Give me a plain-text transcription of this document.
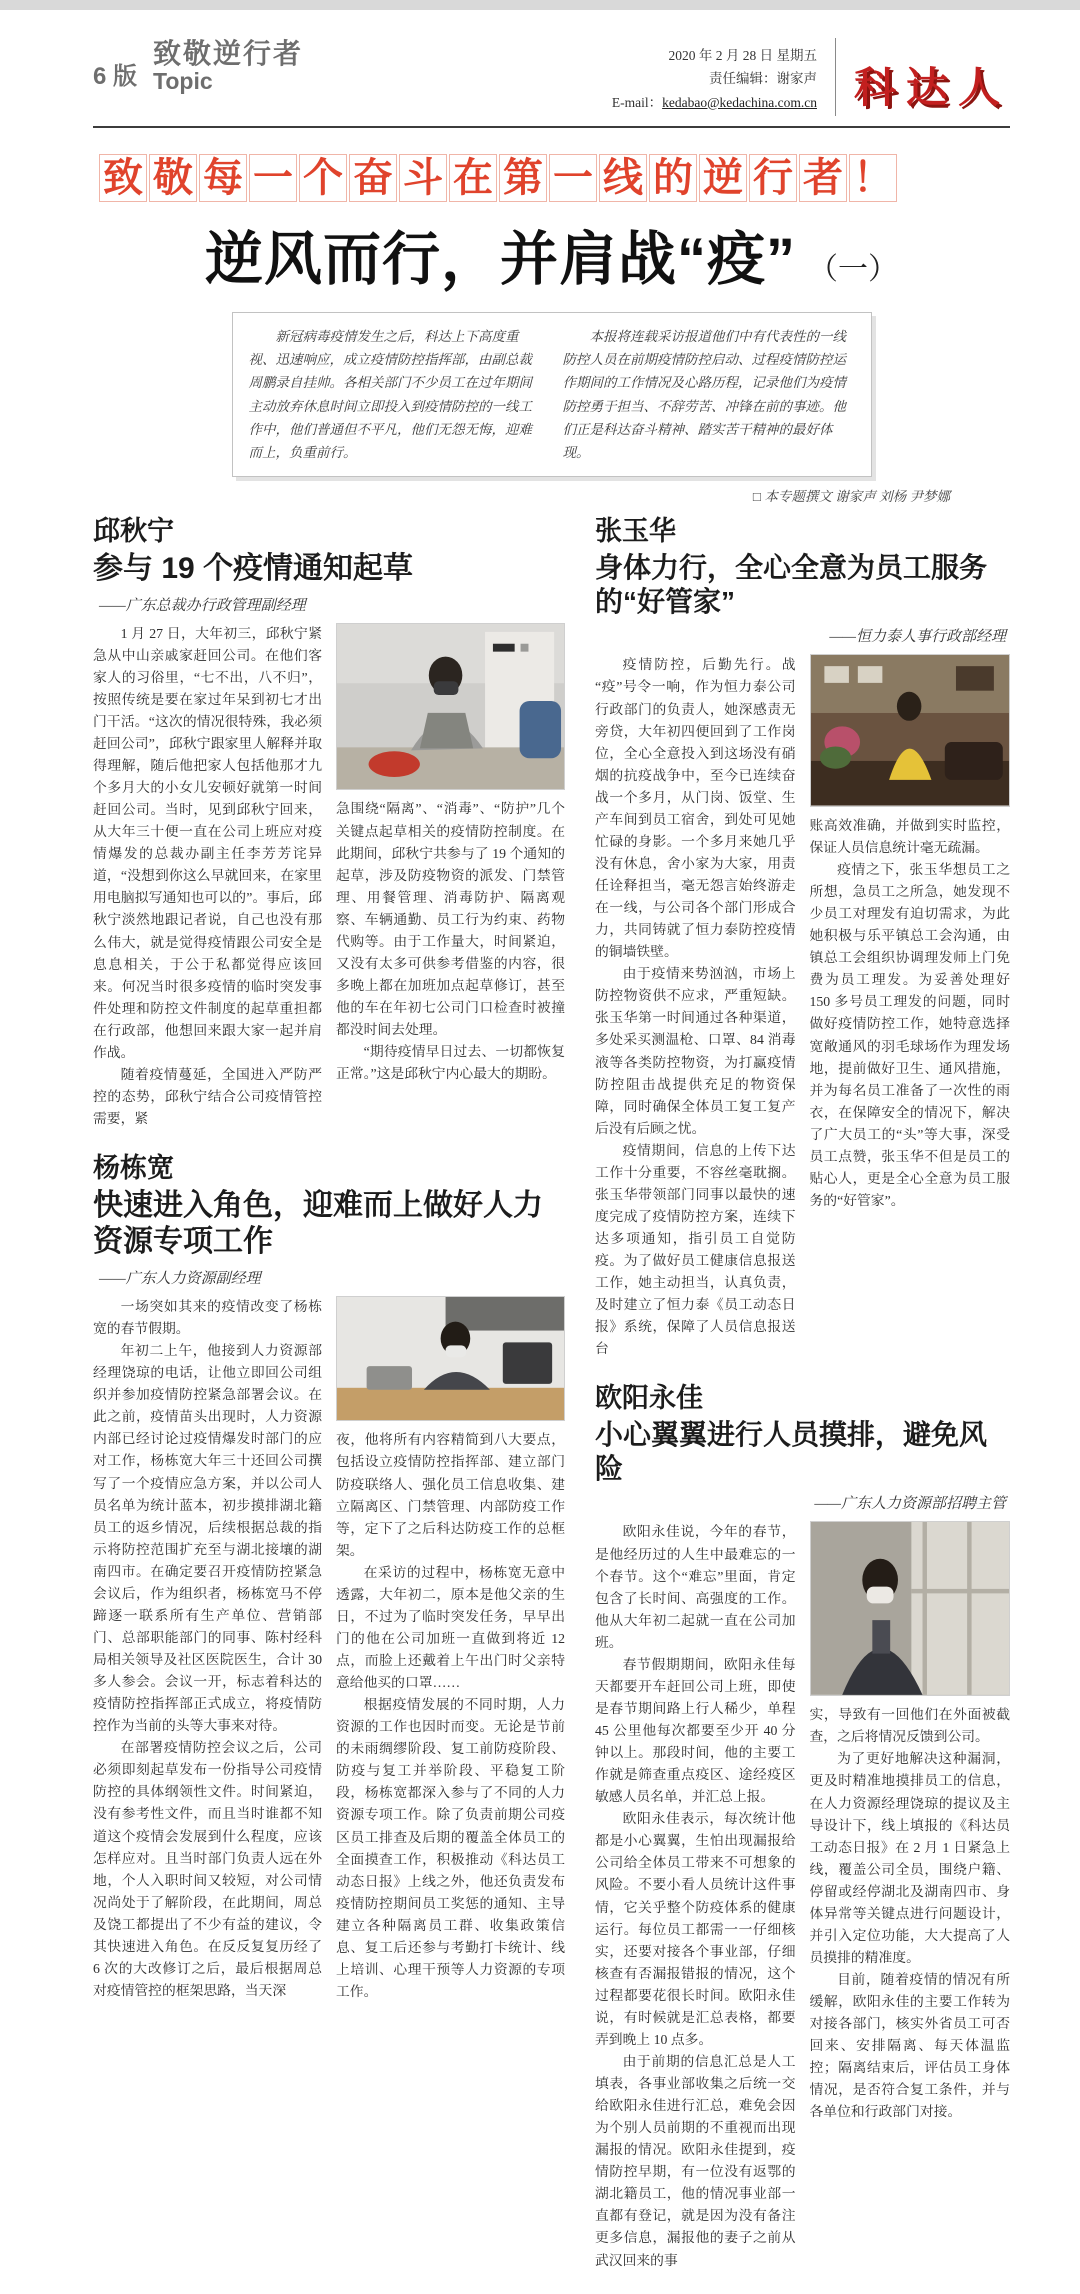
6 版
致敬逆行者
Topic
2020 年 2 月 28 日 星期五
责任编辑：谢家声
E-mail：kedabao@kedachina.com.cn 科达人
致 敬 每 一 个 奋 斗 在 第 一 线 的 逆 行 者 ！
逆风而行，并肩战“疫” （一）
新冠病毒疫情发生之后，科达上下高度重视、迅速响应，成立疫情防控指挥部，由副总裁周鹏录自挂帅。各相关部门不少员工在过年期间主动放弃休息时间立即投入到疫情防控的一线工作中，他们普通但不平凡，他们无怨无悔，迎难而上，负重前行。
本报将连载采访报道他们中有代表性的一线防控人员在前期疫情防控启动、过程疫情防控运作期间的工作情况及心路历程，记录他们为疫情防控勇于担当、不辞劳苦、冲锋在前的事迹。他们正是科达奋斗精神、踏实苦干精神的最好体现。
□ 本专题撰文 谢家声 刘杨 尹梦娜
邱秋宁
参与 19 个疫情通知起草
——广东总裁办行政管理副经理

1 月 27 日，大年初三，邱秋宁紧急从中山亲戚家赶回公司。在他们客家人的习俗里，“七不出，八不归”，按照传统是要在家过年呆到初七才出门干活。“这次的情况很特殊，我必须赶回公司”，邱秋宁跟家里人解释并取得理解，随后他把家人包括他那才九个多月大的小女儿安顿好就第一时间赶回公司。当时，见到邱秋宁回来，从大年三十便一直在公司上班应对疫情爆发的总裁办副主任李芳芳诧异道，“没想到你这么早就回来，在家里用电脑拟写通知也可以的”。事后，邱秋宁淡然地跟记者说，自己也没有那么伟大，就是觉得疫情跟公司安全是息息相关，于公于私都觉得应该回来。何况当时很多疫情的临时突发事件处理和防控文件制度的起草重担都在行政部，他想回来跟大家一起并肩作战。

随着疫情蔓延，全国进入严防严控的态势，邱秋宁结合公司疫情管控需要，紧

急围绕“隔离”、“消毒”、“防护”几个关键点起草相关的疫情防控制度。在此期间，邱秋宁共参与了 19 个通知的起草，涉及防疫物资的派发、门禁管理、用餐管理、消毒防护、隔离观察、车辆通勤、员工行为约束、药物代购等。由于工作量大，时间紧迫，又没有太多可供参考借鉴的内容，很多晚上都在加班加点起草修订，甚至他的车在年初七公司门口检查时被撞都没时间去处理。

“期待疫情早日过去、一切都恢复正常。”这是邱秋宁内心最大的期盼。

杨栋宽
快速进入角色，迎难而上做好人力资源专项工作
——广东人力资源副经理

一场突如其来的疫情改变了杨栋宽的春节假期。

年初二上午，他接到人力资源部经理饶琼的电话，让他立即回公司组织并参加疫情防控紧急部署会议。在此之前，疫情苗头出现时，人力资源内部已经讨论过疫情爆发时部门的应对工作，杨栋宽大年三十还回公司撰写了一个疫情应急方案，并以公司人员名单为统计蓝本，初步摸排湖北籍员工的返乡情况，后续根据总裁的指示将防控范围扩充至与湖北接壤的湖南四市。在确定要召开疫情防控紧急会议后，作为组织者，杨栋宽马不停蹄逐一联系所有生产单位、营销部门、总部职能部门的同事、陈村经科局相关领导及社区医院医生，合计 30 多人参会。会议一开，标志着科达的疫情防控指挥部正式成立，将疫情防控作为当前的头等大事来对待。

在部署疫情防控会议之后，公司必须即刻起草发布一份指导公司疫情防控的具体纲领性文件。时间紧迫，没有参考性文件，而且当时谁都不知道这个疫情会发展到什么程度，应该怎样应对。且当时部门负责人远在外地，个人入职时间又较短，对公司情况尚处于了解阶段，在此期间，周总及饶工都提出了不少有益的建议，令其快速进入角色。在反反复复历经了 6 次的大改修订之后，最后根据周总对疫情管控的框架思路，当天深

夜，他将所有内容精简到八大要点，包括设立疫情防控指挥部、建立部门防疫联络人、强化员工信息收集、建立隔离区、门禁管理、内部防疫工作等，定下了之后科达防疫工作的总框架。

在采访的过程中，杨栋宽无意中透露，大年初二，原本是他父亲的生日，不过为了临时突发任务，早早出门的他在公司加班一直做到将近 12 点，而脸上还戴着上午出门时父亲特意给他买的口罩……

根据疫情发展的不同时期，人力资源的工作也因时而变。无论是节前的未雨绸缪阶段、复工前防疫阶段、防疫与复工并举阶段、平稳复工阶段，杨栋宽都深入参与了不同的人力资源专项工作。除了负责前期公司疫区员工排查及后期的覆盖全体员工的全面摸查工作，积极推动《科达员工动态日报》上线之外，他还负责发布疫情防控期间员工奖惩的通知、主导建立各种隔离员工群、收集政策信息、复工后还参与考勤打卡统计、线上培训、心理干预等人力资源的专项工作。

张玉华
身体力行，全心全意为员工服务的“好管家”
——恒力泰人事行政部经理

疫情防控，后勤先行。战“疫”号令一响，作为恒力泰公司行政部门的负责人，她深感责无旁贷，大年初四便回到了工作岗位，全心全意投入到这场没有硝烟的抗疫战争中，至今已连续奋战一个多月，从门岗、饭堂、生产车间到员工宿舍，到处可见她忙碌的身影。一个多月来她几乎没有休息，舍小家为大家，用责任诠释担当，毫无怨言始终游走在一线，与公司各个部门形成合力，共同铸就了恒力泰防控疫情的铜墙铁壁。

由于疫情来势汹汹，市场上防控物资供不应求，严重短缺。张玉华第一时间通过各种渠道，多处采买测温枪、口罩、84 消毒液等各类防控物资，为打赢疫情防控阻击战提供充足的物资保障，同时确保全体员工复工复产后没有后顾之忧。

疫情期间，信息的上传下达工作十分重要，不容丝毫耽搁。张玉华带领部门同事以最快的速度完成了疫情防控方案，连续下达多项通知，指引员工自觉防疫。为了做好员工健康信息报送工作，她主动担当，认真负责，及时建立了恒力泰《员工动态日报》系统，保障了人员信息报送台

账高效准确，并做到实时监控，保证人员信息统计毫无疏漏。

疫情之下，张玉华想员工之所想，急员工之所急，她发现不少员工对理发有迫切需求，为此她积极与乐平镇总工会沟通，由镇总工会组织协调理发师上门免费为员工理发。为妥善处理好 150 多号员工理发的问题，同时做好疫情防控工作，她特意选择宽敞通风的羽毛球场作为理发场地，提前做好卫生、通风措施，并为每名员工准备了一次性的雨衣，在保障安全的情况下，解决了广大员工的“头”等大事，深受员工点赞，张玉华不但是员工的贴心人，更是全心全意为员工服务的“好管家”。

欧阳永佳
小心翼翼进行人员摸排，避免风险
——广东人力资源部招聘主管

欧阳永佳说，今年的春节，是他经历过的人生中最难忘的一个春节。这个“难忘”里面，肯定包含了长时间、高强度的工作。他从大年初二起就一直在公司加班。

春节假期期间，欧阳永佳每天都要开车赶回公司上班，即使是春节期间路上行人稀少，单程 45 公里他每次都要至少开 40 分钟以上。那段时间，他的主要工作就是筛查重点疫区、途经疫区敏感人员名单，并汇总上报。

欧阳永佳表示，每次统计他都是小心翼翼，生怕出现漏报给公司给全体员工带来不可想象的风险。不要小看人员统计这件事情，它关乎整个防疫体系的健康运行。每位员工都需一一仔细核实，还要对接各个事业部，仔细核查有否漏报错报的情况，这个过程都要花很长时间。欧阳永佳说，有时候就是汇总表格，都要弄到晚上 10 点多。

由于前期的信息汇总是人工填表，各事业部收集之后统一交给欧阳永佳进行汇总，难免会因为个别人员前期的不重视而出现漏报的情况。欧阳永佳提到，疫情防控早期，有一位没有返鄂的湖北籍员工，他的情况事业部一直都有登记，就是因为没有备注更多信息，漏报他的妻子之前从武汉回来的事

实，导致有一回他们在外面被截查，之后将情况反馈到公司。

为了更好地解决这种漏洞，更及时精准地摸排员工的信息，在人力资源经理饶琼的提议及主导设计下，线上填报的《科达员工动态日报》在 2 月 1 日紧急上线，覆盖公司全员，围绕户籍、停留或经停湖北及湖南四市、身体异常等关键点进行问题设计，并引入定位功能，大大提高了人员摸排的精准度。

目前，随着疫情的情况有所缓解，欧阳永佳的主要工作转为对接各部门，核实外省员工可否回来、安排隔离、每天体温监控；隔离结束后，评估员工身体情况，是否符合复工条件，并与各单位和行政部门对接。
